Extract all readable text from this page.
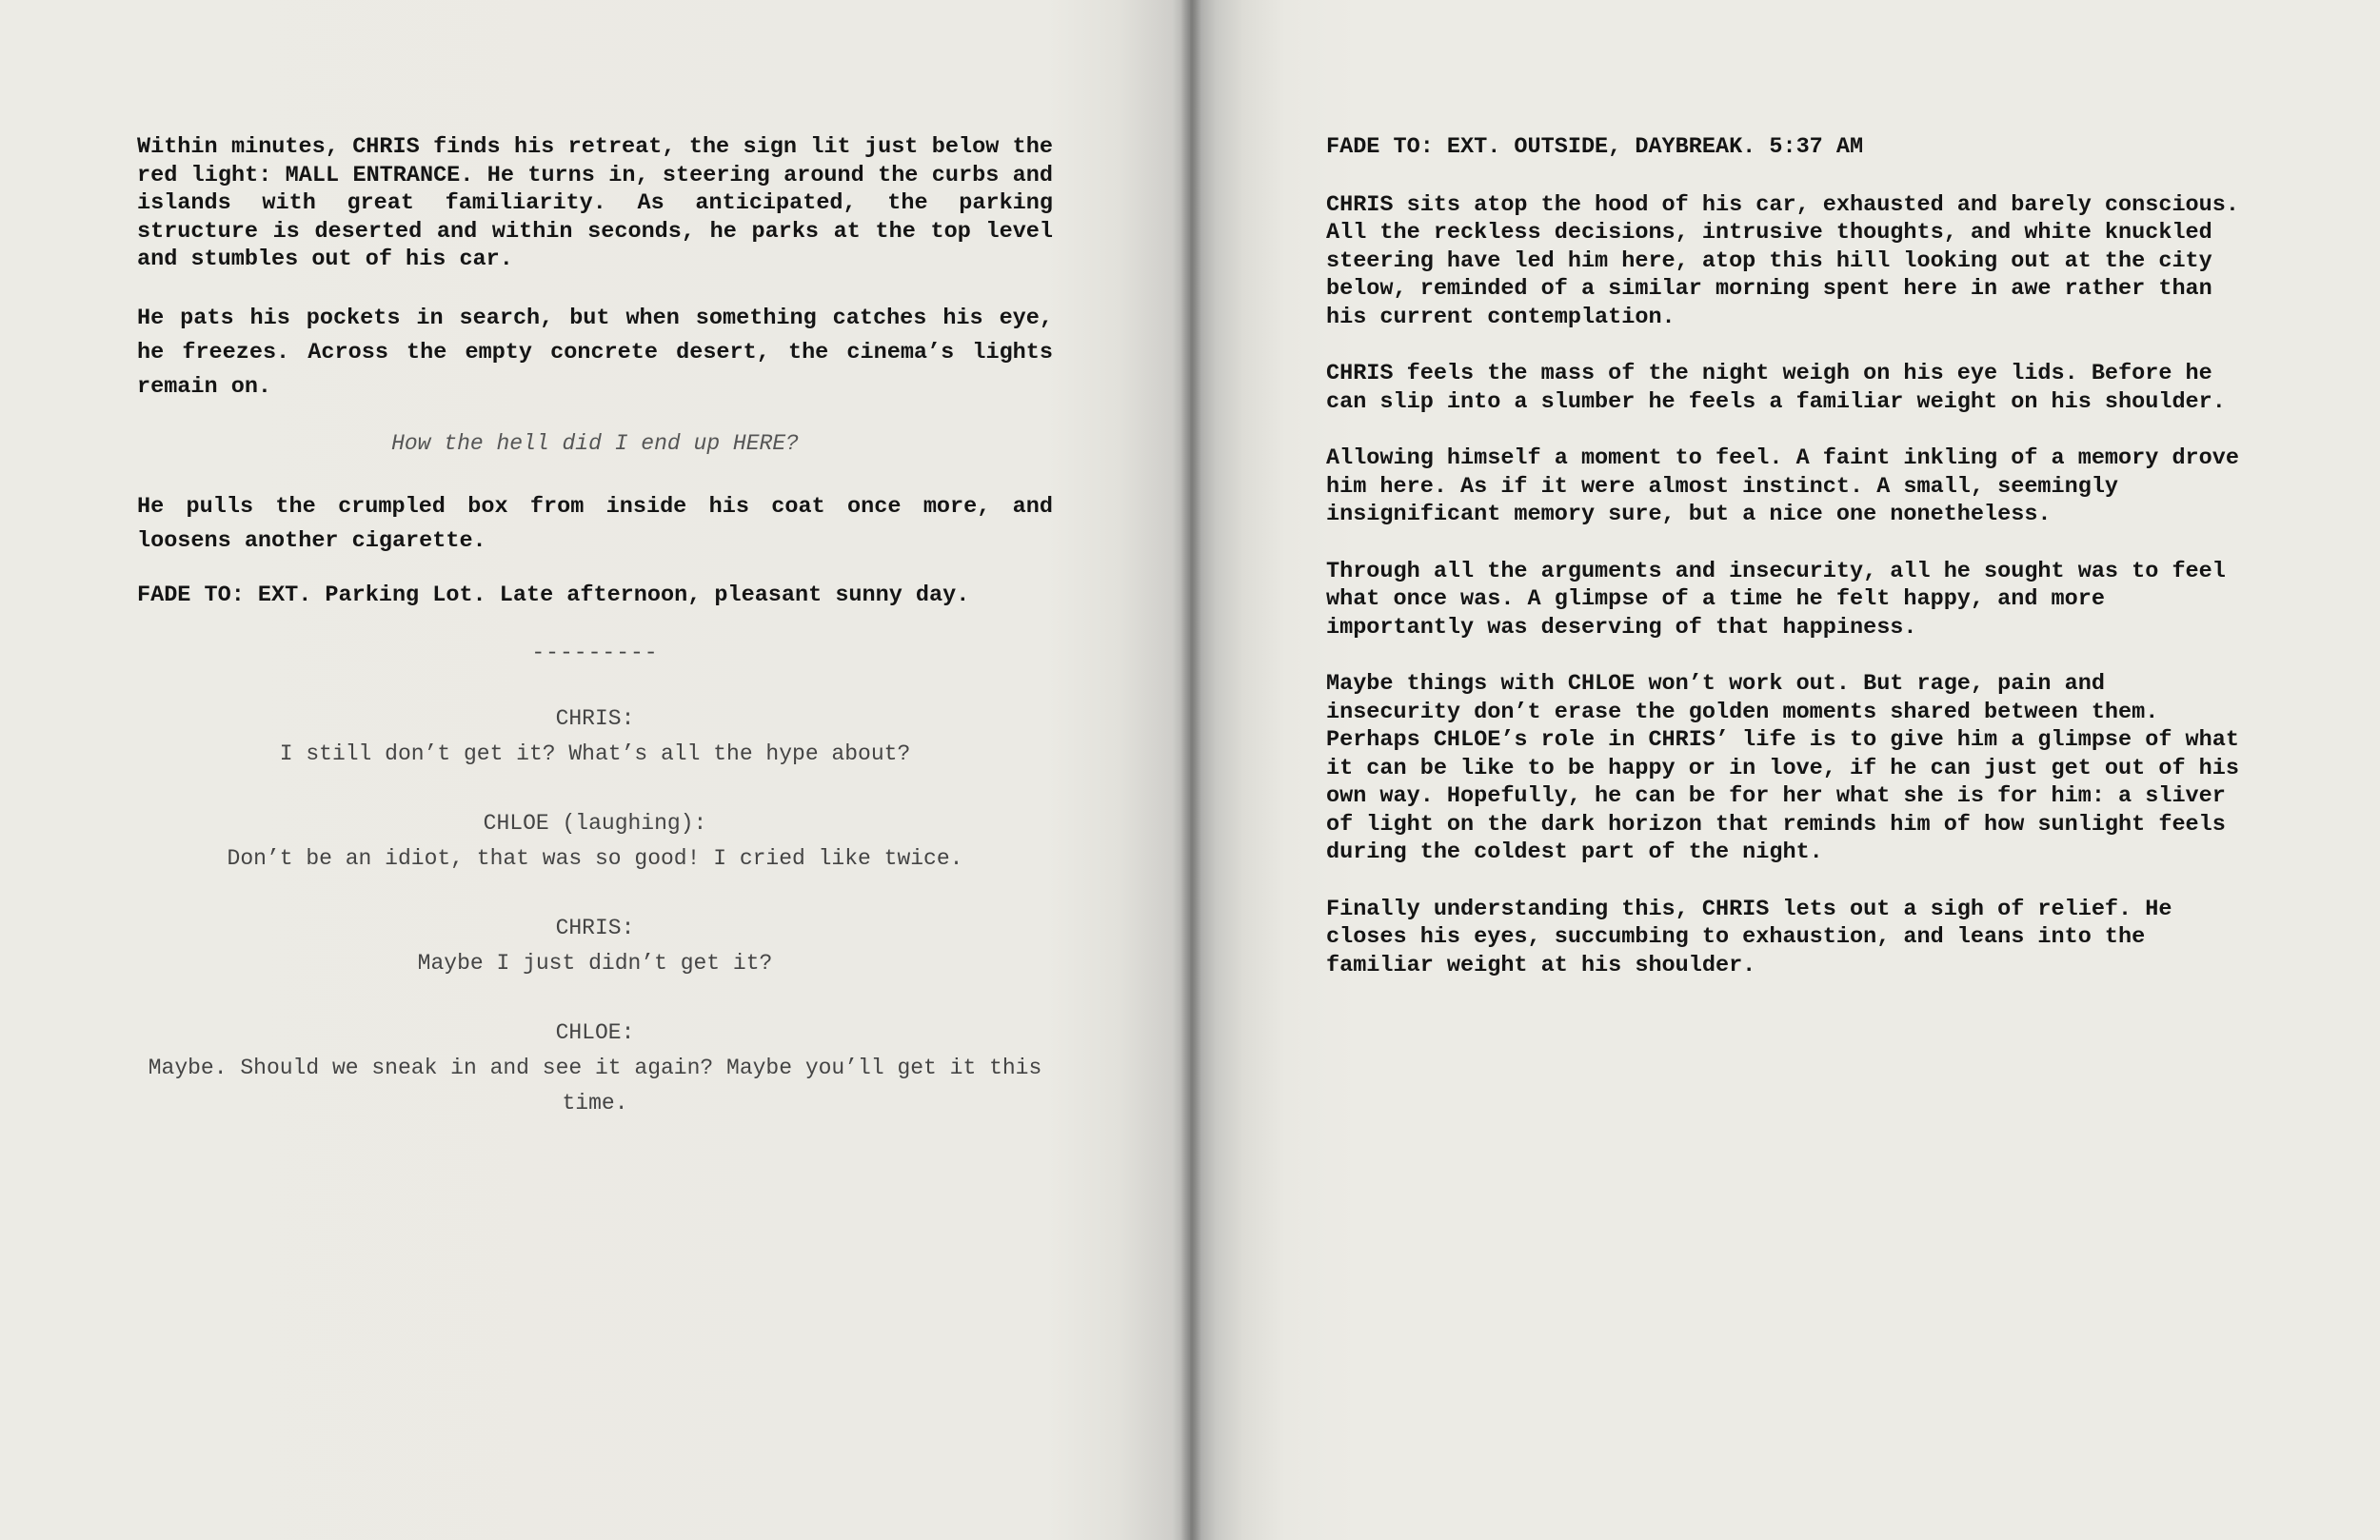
Within minutes, CHRIS finds his retreat, the sign lit just below the red light: MALL ENTRANCE. He turns in, steering around the curbs and islands with great familiarity. As anticipated, the parking structure is deserted and within seconds, he parks at the top level and stumbles out of his car.

He pats his pockets in search, but when something catches his eye, he freezes. Across the empty concrete desert, the cinema’s lights remain on.

How the hell did I end up HERE?

He pulls the crumpled box from inside his coat once more, and loosens another cigarette.

FADE TO: EXT. Parking Lot. Late afternoon, pleasant sunny day.

---------

CHRIS:
I still don’t get it? What’s all the hype about?
CHLOE (laughing):
Don’t be an idiot, that was so good! I cried like twice.
CHRIS:
Maybe I just didn’t get it?
CHLOE:
Maybe. Should we sneak in and see it again? Maybe you’ll get it this time.

FADE TO: EXT. OUTSIDE, DAYBREAK. 5:37 AM

CHRIS sits atop the hood of his car, exhausted and barely conscious. All the reckless decisions, intrusive thoughts, and white knuckled steering have led him here, atop this hill looking out at the city below, reminded of a similar morning spent here in awe rather than his current contemplation.

CHRIS feels the mass of the night weigh on his eye lids. Before he can slip into a slumber he feels a familiar weight on his shoulder.

Allowing himself a moment to feel. A faint inkling of a memory drove him here. As if it were almost instinct. A small, seemingly insignificant memory sure, but a nice one nonetheless.

Through all the arguments and insecurity, all he sought was to feel what once was. A glimpse of a time he felt happy, and more importantly was deserving of that happiness.

Maybe things with CHLOE won’t work out. But rage, pain and insecurity don’t erase the golden moments shared between them. Perhaps CHLOE’s role in CHRIS’ life is to give him a glimpse of what it can be like to be happy or in love, if he can just get out of his own way. Hopefully, he can be for her what she is for him: a sliver of light on the dark horizon that reminds him of how sunlight feels during the coldest part of the night.

Finally understanding this, CHRIS lets out a sigh of relief. He closes his eyes, succumbing to exhaustion, and leans into the familiar weight at his shoulder.
